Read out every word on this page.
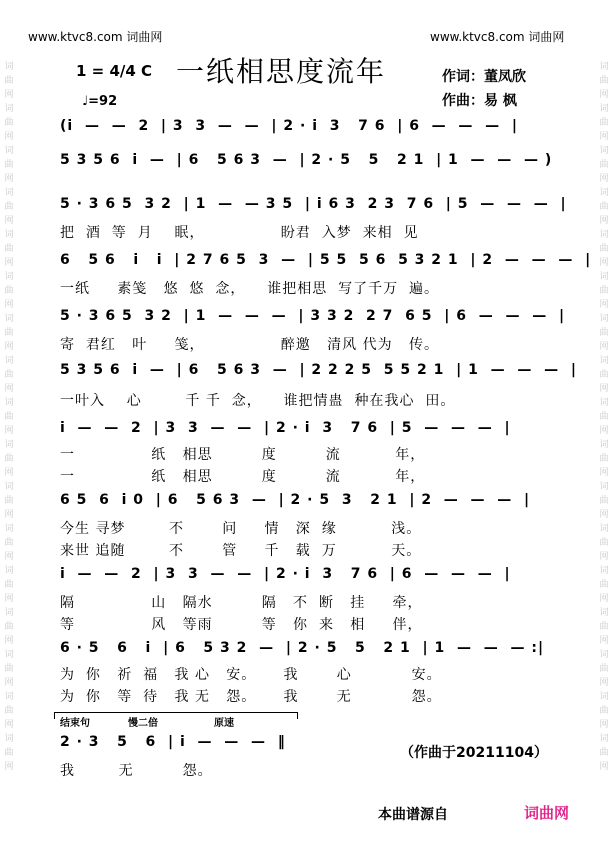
www.ktvc8.com 词曲网	www.ktvc8.com 词曲网
词 曲 网 词 曲 网 词 曲 网 词 曲 网 词 曲 网 词 曲 网 词 曲 网 词 曲 网 词 曲 网 词 曲 网 词 曲 网 词 曲 网 词 曲 网 词 曲 网 词 曲 网 词 曲 网 词 曲 网
词 曲 网 词 曲 网 词 曲 网 词 曲 网 词 曲 网 词 曲 网 词 曲 网 词 曲 网 词 曲 网 词 曲 网 词 曲 网 词 曲 网 词 曲 网 词 曲 网 词 曲 网 词 曲 网 词 曲 网
一纸相思度流年	作词：董凤欣
作曲：易 枫
1 = 4/4 C
♩=92
(i  —  —  2  | 3  3  —  —  | 2 · i  3   7 6  | 6  —  —  —  |
5 3 5 6  i  —  | 6   5 6 3  —  | 2 · 5   5   2 1  | 1  —  —  — )
5 · 3 6 5  3 2  | 1  —  — 3 5  | i 6 3  2 3  7 6  | 5  —  —  —  |
把  酒  等  月    眠，              盼君  入梦  来相  见
6   5 6   i   i  | 2 7 6 5  3  —  | 5 5  5 6  5 3 2 1  | 2  —  —  —  |
一纸     素笺   悠  悠  念，    谁把相思  写了千万  遍。
5 · 3 6 5  3 2  | 1  —  —  —  | 3 3 2  2 7  6 5  | 6  —  —  —  |
寄  君红   叶     笺，              醉邀   清风 代为   传。
5 3 5 6  i  —  | 6   5 6 3  —  | 2 2 2 5  5 5 2 1  | 1  —  —  —  |
一叶入    心        千 千  念，    谁把情蛊  种在我心  田。
i  —  —  2  | 3  3  —  —  | 2 · i  3   7 6  | 5  —  —  —  |
一              纸   相思         度         流          年，
一              纸   相思         度         流          年，
6 5  6  i 0  | 6   5 6 3  —  | 2 · 5  3   2 1  | 2  —  —  —  |
今生 寻梦        不       问     情   深  缘          浅。
来世 追随        不       管     千   载  万          天。
i  —  —  2  | 3  3  —  —  | 2 · i  3   7 6  | 6  —  —  —  |
隔              山   隔水         隔   不  断   挂     牵，
等              风   等雨         等   你  来   相     伴，
6 · 5   6   i  | 6   5 3 2  —  | 2 · 5   5   2 1  | 1  —  —  — :|
为  你   祈  福   我 心   安。     我       心           安。
为  你   等  待   我 无   怨。     我       无           怨。
结束句	慢二倍	原速
2 · 3   5   6  | i  —  —  —  ‖
我        无         怨。
（作曲于20211104）
本曲谱源自	词曲网
